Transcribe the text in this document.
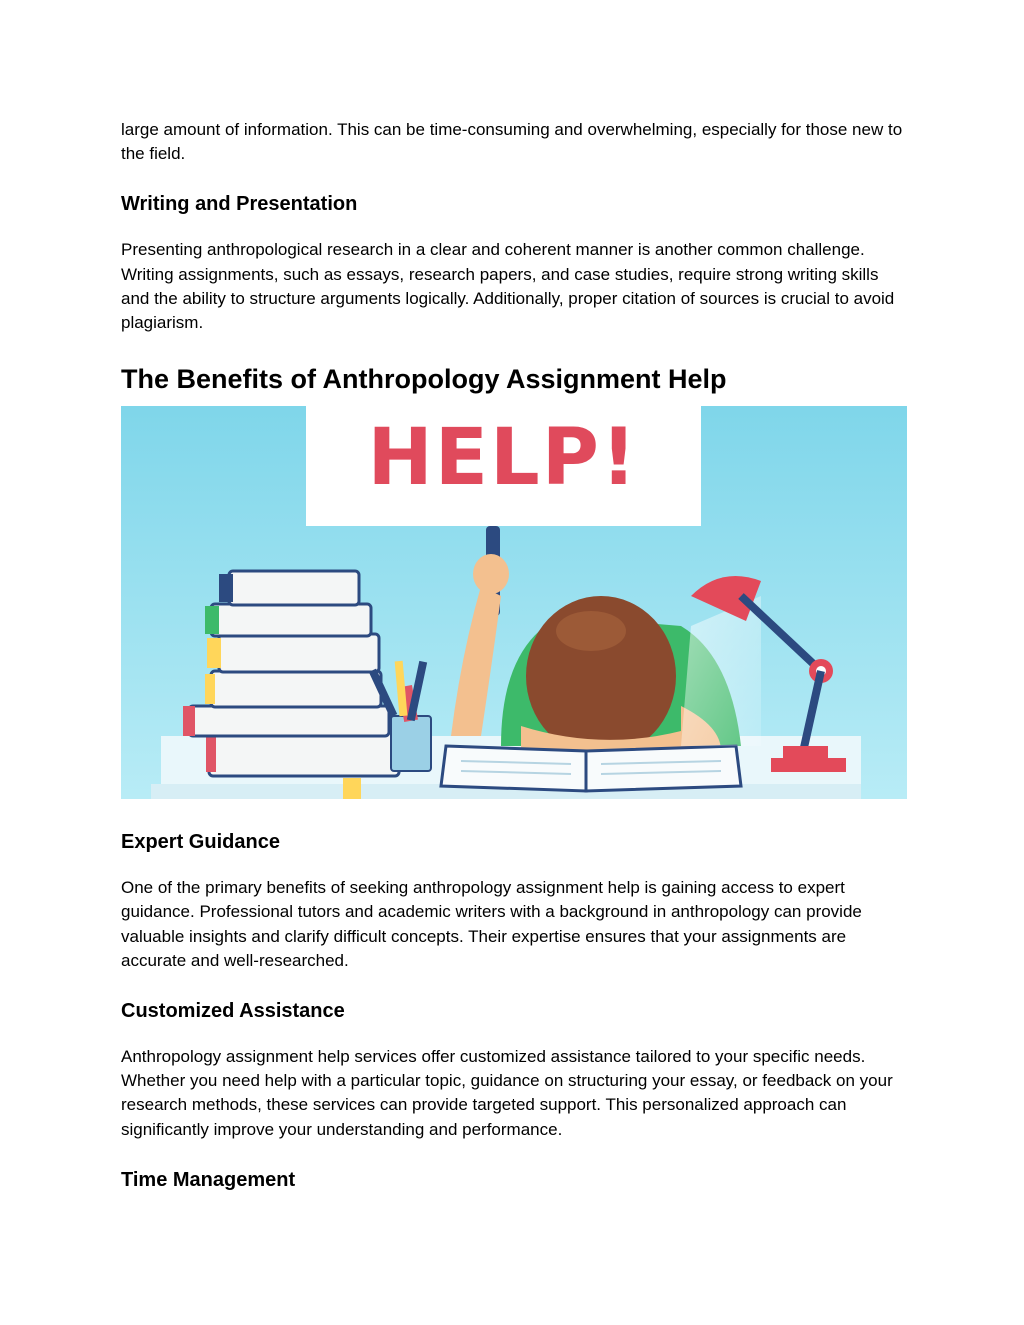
large amount of information. This can be time-consuming and overwhelming, especially for those new to the field.

Writing and Presentation

Presenting anthropological research in a clear and coherent manner is another common challenge. Writing assignments, such as essays, research papers, and case studies, require strong writing skills and the ability to structure arguments logically. Additionally, proper citation of sources is crucial to avoid plagiarism.

The Benefits of Anthropology Assignment Help
HELP!
Expert Guidance

One of the primary benefits of seeking anthropology assignment help is gaining access to expert guidance. Professional tutors and academic writers with a background in anthropology can provide valuable insights and clarify difficult concepts. Their expertise ensures that your assignments are accurate and well-researched.

Customized Assistance

Anthropology assignment help services offer customized assistance tailored to your specific needs. Whether you need help with a particular topic, guidance on structuring your essay, or feedback on your research methods, these services can provide targeted support. This personalized approach can significantly improve your understanding and performance.

Time Management
